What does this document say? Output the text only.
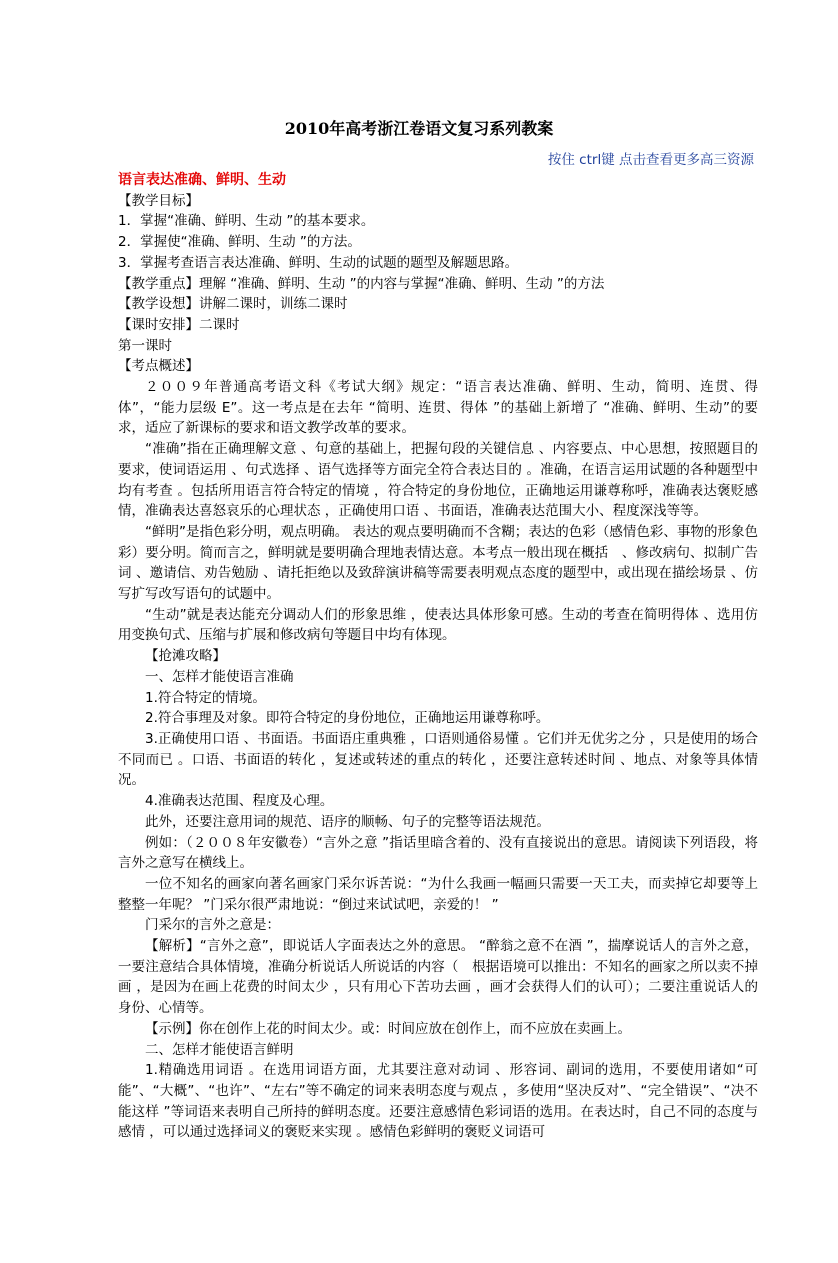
2010年高考浙江卷语文复习系列教案
按住 ctrl键 点击查看更多高三资源

语言表达准确、鲜明、生动

【教学目标】

1．掌握“准确、鲜明、生动 ”的基本要求。

2．掌握使“准确、鲜明、生动 ”的方法。

3．掌握考查语言表达准确、鲜明、生动的试题的题型及解题思路。

【教学重点】理解 “准确、鲜明、生动 ”的内容与掌握“准确、鲜明、生动 ”的方法

【教学设想】讲解二课时，训练二课时

【课时安排】二课时

第一课时

【考点概述】

２００９年普通高考语文科《考试大纲》规定：“语言表达准确、鲜明、生动，简明、连贯、得体”，“能力层级 E”。这一考点是在去年 “简明、连贯、得体 ”的基础上新增了 “准确、鲜明、生动”的要求，适应了新课标的要求和语文教学改革的要求。

“准确”指在正确理解文意 、句意的基础上，把握句段的关键信息 、内容要点、中心思想，按照题目的要求，使词语运用 、句式选择 、语气选择等方面完全符合表达目的 。准确，在语言运用试题的各种题型中均有考查 。包括所用语言符合特定的情境 ，符合特定的身份地位，正确地运用谦尊称呼，准确表达褒贬感情，准确表达喜怒哀乐的心理状态 ，正确使用口语 、书面语，准确表达范围大小、程度深浅等等。

“鲜明”是指色彩分明，观点明确。 表达的观点要明确而不含糊；表达的色彩（感情色彩、事物的形象色彩）要分明。简而言之，鲜明就是要明确合理地表情达意。本考点一般出现在概括　、修改病句、拟制广告词 、邀请信、劝告勉励 、请托拒绝以及致辞演讲稿等需要表明观点态度的题型中，或出现在描绘场景 、仿写扩写改写语句的试题中。

“生动”就是表达能充分调动人们的形象思维 ，使表达具体形象可感。生动的考查在简明得体 、选用仿用变换句式、压缩与扩展和修改病句等题目中均有体现。

【抢滩攻略】

一、怎样才能使语言准确

1.符合特定的情境。

2.符合事理及对象。即符合特定的身份地位，正确地运用谦尊称呼。

3.正确使用口语 、书面语。书面语庄重典雅 ，口语则通俗易懂 。它们并无优劣之分 ，只是使用的场合不同而已 。口语、书面语的转化 ，复述或转述的重点的转化 ，还要注意转述时间 、地点、对象等具体情况。

4.准确表达范围、程度及心理。

此外，还要注意用词的规范、语序的顺畅、句子的完整等语法规范。

例如：（２００８年安徽卷）“言外之意 ”指话里暗含着的、没有直接说出的意思。请阅读下列语段，将言外之意写在横线上。

一位不知名的画家向著名画家门采尔诉苦说：“为什么我画一幅画只需要一天工夫，而卖掉它却要等上整整一年呢？ ”门采尔很严肃地说：“倒过来试试吧，亲爱的！ ”

门采尔的言外之意是：

【解析】“言外之意”，即说话人字面表达之外的意思。 “醉翁之意不在酒 ”，揣摩说话人的言外之意，一要注意结合具体情境，准确分析说话人所说话的内容（　根据语境可以推出：不知名的画家之所以卖不掉画 ，是因为在画上花费的时间太少 ，只有用心下苦功去画 ，画才会获得人们的认可）；二要注重说话人的身份、心情等。

【示例】你在创作上花的时间太少。或：时间应放在创作上，而不应放在卖画上。

二、怎样才能使语言鲜明

1.精确选用词语 。在选用词语方面，尤其要注意对动词 、形容词、副词的选用，不要使用诸如“可能”、“大概”、“也许”、“左右”等不确定的词来表明态度与观点 ，多使用“坚决反对”、“完全错误”、“决不能这样 ”等词语来表明自己所持的鲜明态度。还要注意感情色彩词语的选用。在表达时，自己不同的态度与感情 ，可以通过选择词义的褒贬来实现 。感情色彩鲜明的褒贬义词语可
